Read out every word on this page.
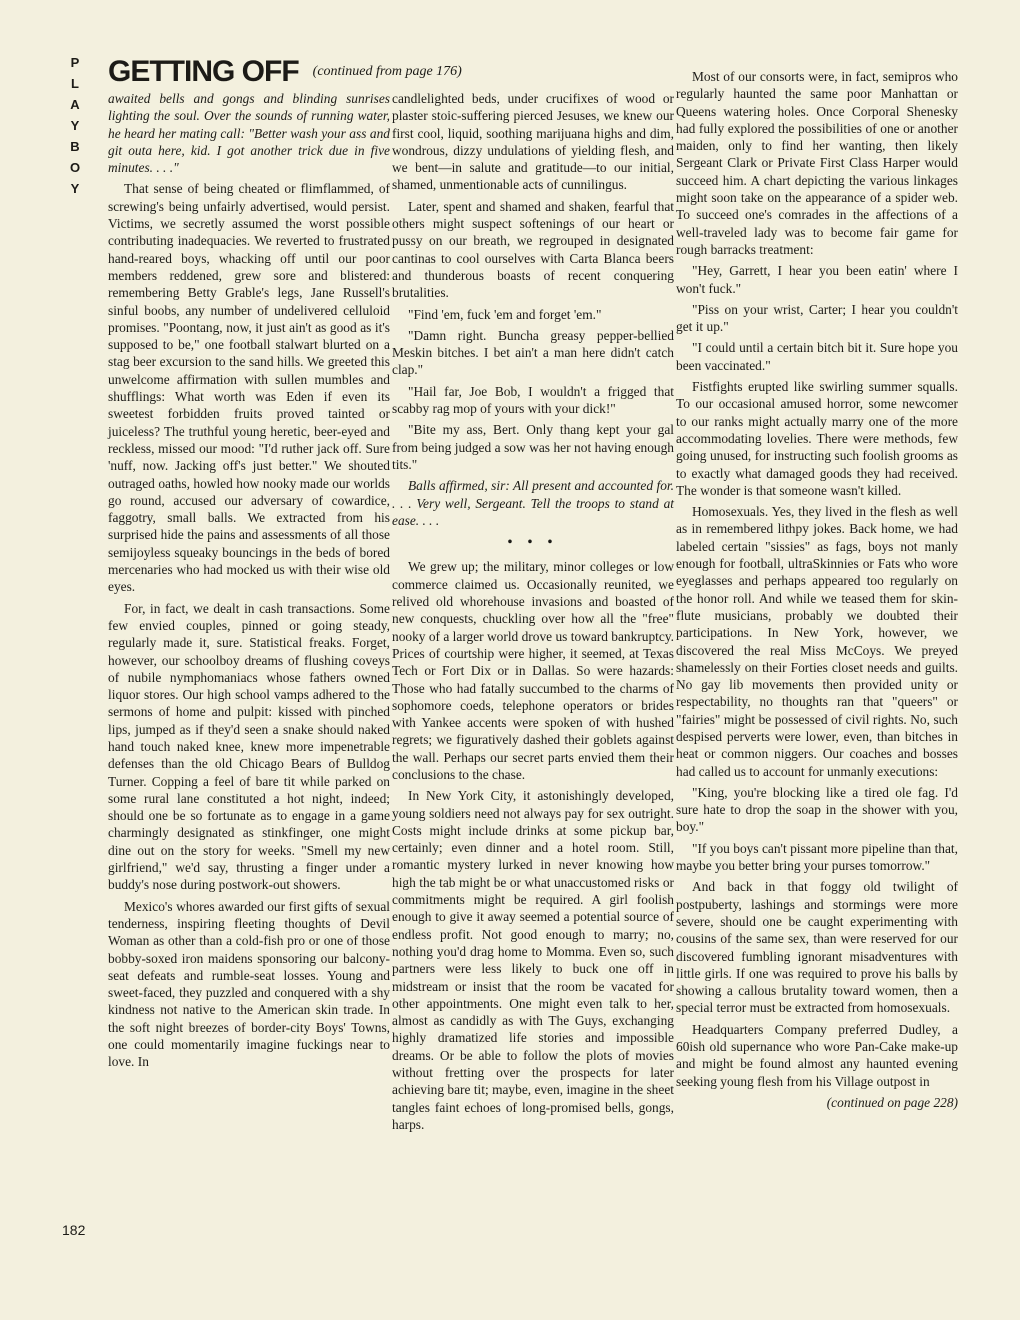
P
L
A
Y
B
O
Y
GETTING OFF (continued from page 176)

awaited bells and gongs and blinding sunrises lighting the soul. Over the sounds of running water, he heard her mating call: "Better wash your ass and git outa here, kid. I got another trick due in five minutes. . . ."

That sense of being cheated or flimflammed, of screwing's being unfairly advertised, would persist. Victims, we secretly assumed the worst possible contributing inadequacies. We reverted to frustrated hand-reared boys, whacking off until our poor members reddened, grew sore and blistered: remembering Betty Grable's legs, Jane Russell's sinful boobs, any number of undelivered celluloid promises. "Poontang, now, it just ain't as good as it's supposed to be," one football stalwart blurted on a stag beer excursion to the sand hills. We greeted this unwelcome affirmation with sullen mumbles and shufflings: What worth was Eden if even its sweetest forbidden fruits proved tainted or juiceless? The truthful young heretic, beer-eyed and reckless, missed our mood: "I'd ruther jack off. Sure 'nuff, now. Jacking off's just better." We shouted outraged oaths, howled how nooky made our worlds go round, accused our adversary of cowardice, faggotry, small balls. We extracted from his surprised hide the pains and assessments of all those semijoyless squeaky bouncings in the beds of bored mercenaries who had mocked us with their wise old eyes.

For, in fact, we dealt in cash transactions. Some few envied couples, pinned or going steady, regularly made it, sure. Statistical freaks. Forget, however, our schoolboy dreams of flushing coveys of nubile nymphomaniacs whose fathers owned liquor stores. Our high school vamps adhered to the sermons of home and pulpit: kissed with pinched lips, jumped as if they'd seen a snake should naked hand touch naked knee, knew more impenetrable defenses than the old Chicago Bears of Bulldog Turner. Copping a feel of bare tit while parked on some rural lane constituted a hot night, indeed; should one be so fortunate as to engage in a game charmingly designated as stinkfinger, one might dine out on the story for weeks. "Smell my new girlfriend," we'd say, thrusting a finger under a buddy's nose during postwork-out showers.

Mexico's whores awarded our first gifts of sexual tenderness, inspiring fleeting thoughts of Devil Woman as other than a cold-fish pro or one of those bobby-soxed iron maidens sponsoring our balcony-seat defeats and rumble-seat losses. Young and sweet-faced, they puzzled and conquered with a shy kindness not native to the American skin trade. In the soft night breezes of border-city Boys' Towns, one could momentarily imagine fuckings near to love. In

candlelighted beds, under crucifixes of wood or plaster stoic-suffering pierced Jesuses, we knew our first cool, liquid, soothing marijuana highs and dim, wondrous, dizzy undulations of yielding flesh, and we bent—in salute and gratitude—to our initial, shamed, unmentionable acts of cunnilingus.

Later, spent and shamed and shaken, fearful that others might suspect softenings of our heart or pussy on our breath, we regrouped in designated cantinas to cool ourselves with Carta Blanca beers and thunderous boasts of recent conquering brutalities.

"Find 'em, fuck 'em and forget 'em."

"Damn right. Buncha greasy pepper-bellied Meskin bitches. I bet ain't a man here didn't catch clap."

"Hail far, Joe Bob, I wouldn't a frigged that scabby rag mop of yours with your dick!"

"Bite my ass, Bert. Only thang kept your gal from being judged a sow was her not having enough tits."

Balls affirmed, sir: All present and accounted for. . . . Very well, Sergeant. Tell the troops to stand at ease. . . .

• • •

We grew up; the military, minor colleges or low commerce claimed us. Occasionally reunited, we relived old whorehouse invasions and boasted of new conquests, chuckling over how all the "free" nooky of a larger world drove us toward bankruptcy. Prices of courtship were higher, it seemed, at Texas Tech or Fort Dix or in Dallas. So were hazards: Those who had fatally succumbed to the charms of sophomore coeds, telephone operators or brides with Yankee accents were spoken of with hushed regrets; we figuratively dashed their goblets against the wall. Perhaps our secret parts envied them their conclusions to the chase.

In New York City, it astonishingly developed, young soldiers need not always pay for sex outright. Costs might include drinks at some pickup bar, certainly; even dinner and a hotel room. Still, romantic mystery lurked in never knowing how high the tab might be or what unaccustomed risks or commitments might be required. A girl foolish enough to give it away seemed a potential source of endless profit. Not good enough to marry; no, nothing you'd drag home to Momma. Even so, such partners were less likely to buck one off in midstream or insist that the room be vacated for other appointments. One might even talk to her, almost as candidly as with The Guys, exchanging highly dramatized life stories and impossible dreams. Or be able to follow the plots of movies without fretting over the prospects for later achieving bare tit; maybe, even, imagine in the sheet tangles faint echoes of long-promised bells, gongs, harps.

Most of our consorts were, in fact, semipros who regularly haunted the same poor Manhattan or Queens watering holes. Once Corporal Shenesky had fully explored the possibilities of one or another maiden, only to find her wanting, then likely Sergeant Clark or Private First Class Harper would succeed him. A chart depicting the various linkages might soon take on the appearance of a spider web. To succeed one's comrades in the affections of a well-traveled lady was to become fair game for rough barracks treatment:

"Hey, Garrett, I hear you been eatin' where I won't fuck."

"Piss on your wrist, Carter; I hear you couldn't get it up."

"I could until a certain bitch bit it. Sure hope you been vaccinated."

Fistfights erupted like swirling summer squalls. To our occasional amused horror, some newcomer to our ranks might actually marry one of the more accommodating lovelies. There were methods, few going unused, for instructing such foolish grooms as to exactly what damaged goods they had received. The wonder is that someone wasn't killed.

Homosexuals. Yes, they lived in the flesh as well as in remembered lithpy jokes. Back home, we had labeled certain "sissies" as fags, boys not manly enough for football, ultraSkinnies or Fats who wore eyeglasses and perhaps appeared too regularly on the honor roll. And while we teased them for skin-flute musicians, probably we doubted their participations. In New York, however, we discovered the real Miss McCoys. We preyed shamelessly on their Forties closet needs and guilts. No gay lib movements then provided unity or respectability, no thoughts ran that "queers" or "fairies" might be possessed of civil rights. No, such despised perverts were lower, even, than bitches in heat or common niggers. Our coaches and bosses had called us to account for unmanly executions:

"King, you're blocking like a tired ole fag. I'd sure hate to drop the soap in the shower with you, boy."

"If you boys can't pissant more pipeline than that, maybe you better bring your purses tomorrow."

And back in that foggy old twilight of postpuberty, lashings and stormings were more severe, should one be caught experimenting with cousins of the same sex, than were reserved for our discovered fumbling ignorant misadventures with little girls. If one was required to prove his balls by showing a callous brutality toward women, then a special terror must be extracted from homosexuals.

Headquarters Company preferred Dudley, a 60ish old supernance who wore Pan-Cake make-up and might be found almost any haunted evening seeking young flesh from his Village outpost in

(continued on page 228)
182
